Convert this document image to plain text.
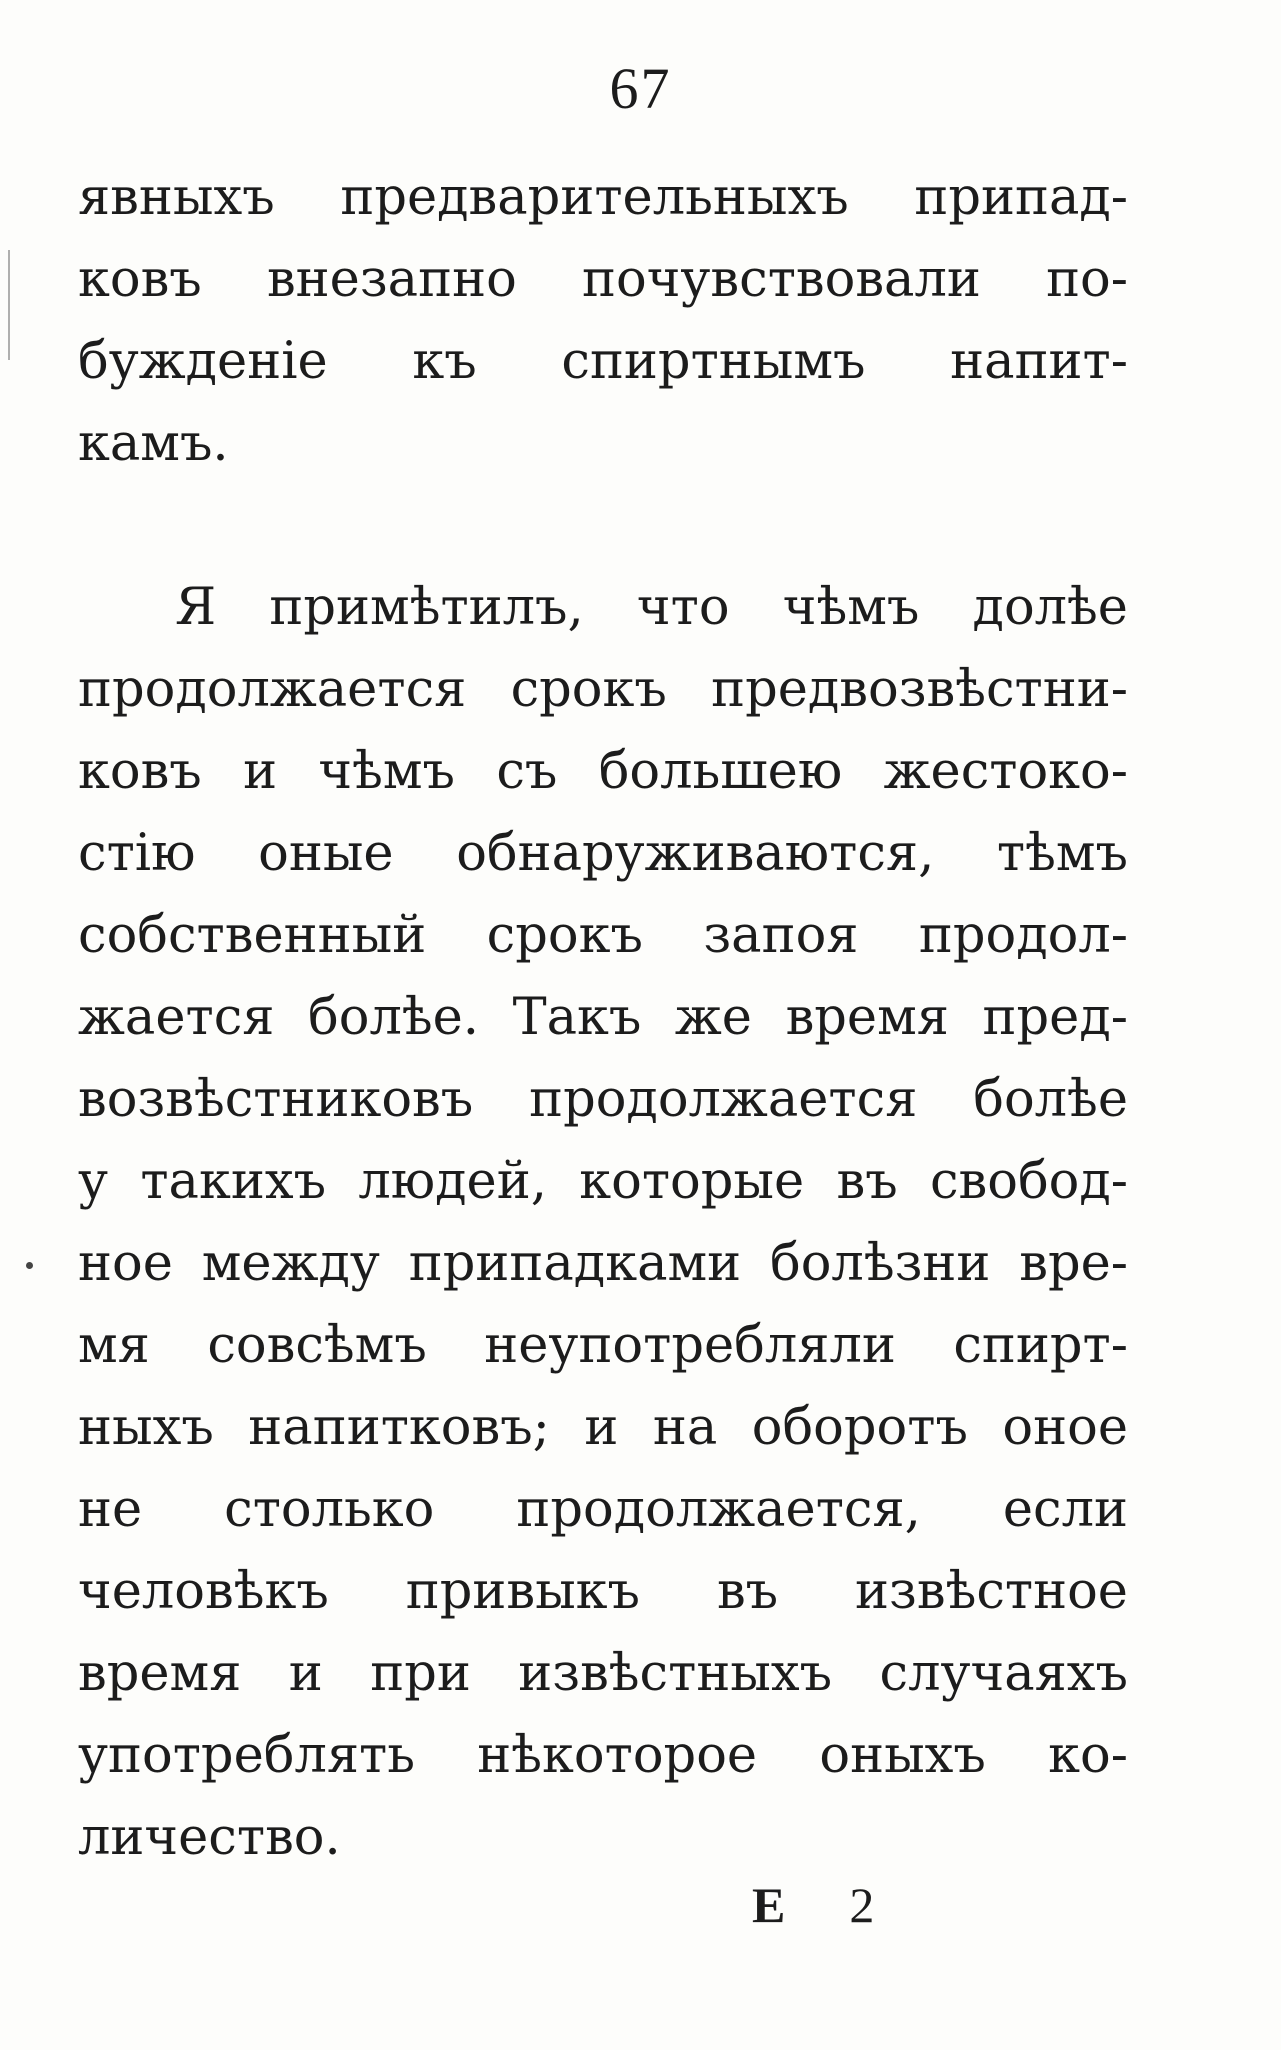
67
явныхъ предварительныхъ припад-
ковъ внезапно почувствовали по-
бужденіе къ спиртнымъ напит-
камъ.
Я примѣтилъ, что чѣмъ долѣе
продолжается срокъ предвозвѣстни-
ковъ и чѣмъ съ большею жестоко-
стію оные обнаруживаются, тѣмъ
собственный срокъ запоя продол-
жается болѣе. Такъ же время пред-
возвѣстниковъ продолжается болѣе
у такихъ людей, которые въ свобод-
ное между припадками болѣзни вре-
мя совсѣмъ неупотребляли спирт-
ныхъ напитковъ; и на оборотъ оное
не столько продолжается, если
человѣкъ привыкъ въ извѣстное
время и при извѣстныхъ случаяхъ
употреблять нѣкоторое оныхъ ко-
личество.
E 2
